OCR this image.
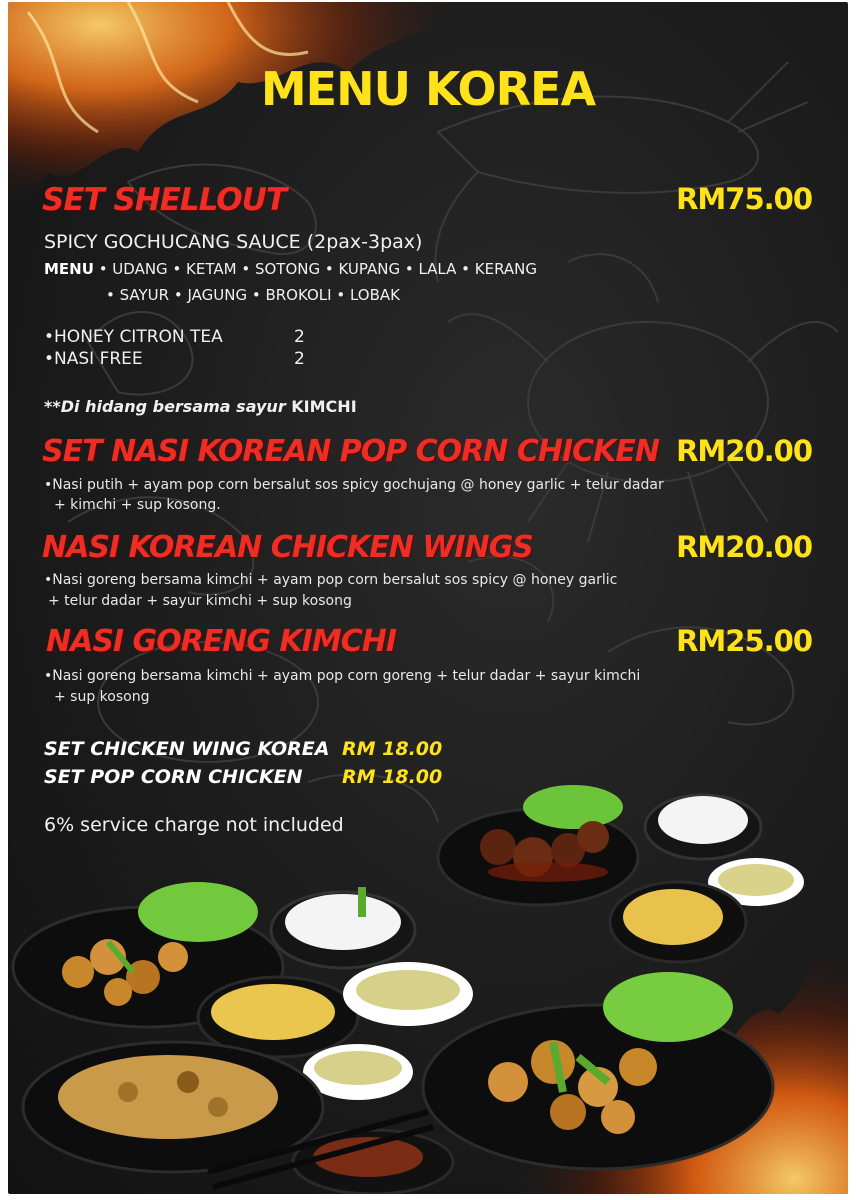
MENU KOREA
SET SHELLOUT	RM75.00
SPICY GOCHUCANG SAUCE (2pax-3pax)
MENU • UDANG • KETAM • SOTONG • KUPANG • LALA • KERANG
• SAYUR • JAGUNG • BROKOLI • LOBAK
•HONEY CITRON TEA	2
•NASI FREE	2
**Di hidang bersama sayur KIMCHI
SET NASI KOREAN POP CORN CHICKEN RM20.00
•Nasi putih + ayam pop corn bersalut sos spicy gochujang @ honey garlic + telur dadar
+ kimchi + sup kosong.
NASI KOREAN CHICKEN WINGS	RM20.00
•Nasi goreng bersama kimchi + ayam pop corn bersalut sos spicy @ honey garlic
+ telur dadar + sayur kimchi + sup kosong
NASI GORENG KIMCHI	RM25.00
•Nasi goreng bersama kimchi + ayam pop corn goreng + telur dadar + sayur kimchi
+ sup kosong
SET CHICKEN WING KOREA RM 18.00
SET POP CORN CHICKEN RM 18.00
6% service charge not included
